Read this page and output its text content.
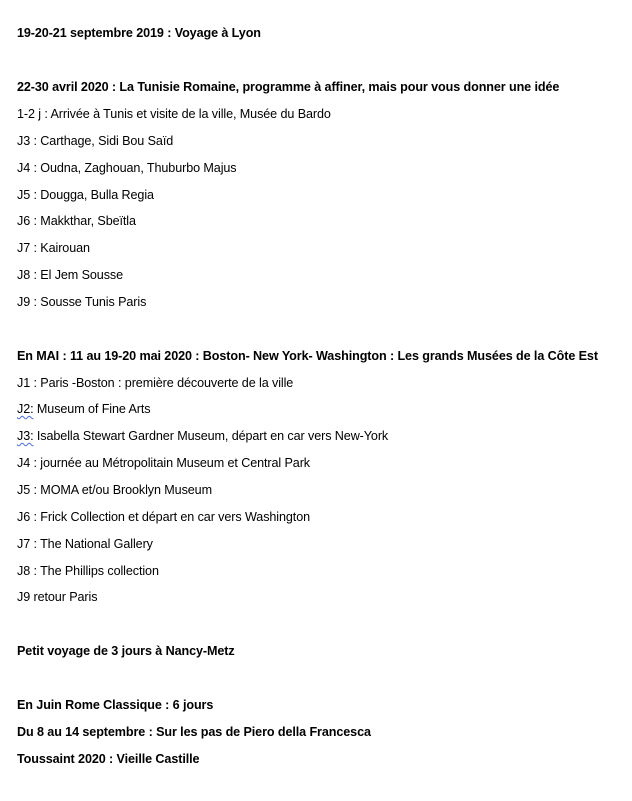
19-20-21 septembre 2019 : Voyage à Lyon
22-30 avril 2020 : La Tunisie Romaine, programme à affiner, mais pour vous donner une idée
1-2 j : Arrivée à Tunis et visite de la ville, Musée du Bardo
J3 : Carthage, Sidi Bou Saïd
J4 : Oudna, Zaghouan, Thuburbo Majus
J5 : Dougga, Bulla Regia
J6 : Makkthar, Sbeïtla
J7 : Kairouan
J8 : El Jem Sousse
J9 : Sousse Tunis Paris
En MAI : 11 au 19-20 mai 2020 : Boston- New York- Washington : Les grands Musées de la Côte Est
J1 : Paris -Boston : première découverte de la ville
J2: Museum of Fine Arts
J3: Isabella Stewart Gardner Museum, départ en car vers New-York
J4 : journée au Métropolitain Museum et Central Park
J5 : MOMA et/ou Brooklyn Museum
J6 : Frick Collection et départ en car vers Washington
J7 : The National Gallery
J8 : The Phillips collection
J9 retour Paris
Petit voyage de 3 jours à Nancy-Metz
En Juin Rome Classique : 6 jours
Du 8 au 14 septembre : Sur les pas de Piero della Francesca
Toussaint 2020 : Vieille Castille
